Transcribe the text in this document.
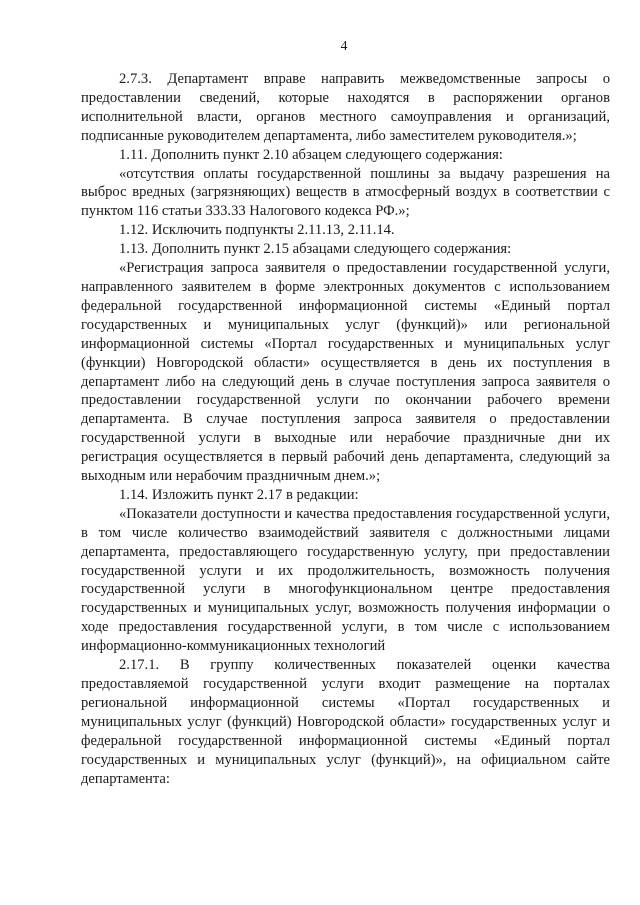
4

2.7.3. Департамент вправе направить межведомственные запросы о предоставлении сведений, которые находятся в распоряжении органов исполнительной власти, органов местного самоуправления и организаций, подписанные руководителем департамента, либо заместителем руководителя.»;

1.11. Дополнить пункт 2.10 абзацем следующего содержания:

«отсутствия оплаты государственной пошлины за выдачу разрешения на выброс вредных (загрязняющих) веществ в атмосферный воздух в соответствии с пунктом 116 статьи 333.33 Налогового кодекса РФ.»;

1.12. Исключить подпункты 2.11.13, 2.11.14.

1.13. Дополнить пункт 2.15 абзацами следующего содержания:

«Регистрация запроса заявителя о предоставлении государственной услуги, направленного заявителем в форме электронных документов с использованием федеральной государственной информационной системы «Единый портал государственных и муниципальных услуг (функций)» или региональной информационной системы «Портал государственных и муниципальных услуг (функции) Новгородской области» осуществляется в день их поступления в департамент либо на следующий день в случае поступления запроса заявителя о предоставлении государственной услуги по окончании рабочего времени департамента. В случае поступления запроса заявителя о предоставлении государственной услуги в выходные или нерабочие праздничные дни их регистрация осуществляется в первый рабочий день департамента, следующий за выходным или нерабочим праздничным днем.»;

1.14. Изложить пункт 2.17 в редакции:

«Показатели доступности и качества предоставления государственной услуги, в том числе количество взаимодействий заявителя с должностными лицами департамента, предоставляющего государственную услугу, при предоставлении государственной услуги и их продолжительность, возможность получения государственной услуги в многофункциональном центре предоставления государственных и муниципальных услуг, возможность получения информации о ходе предоставления государственной услуги, в том числе с использованием информационно-коммуникационных технологий

2.17.1. В группу количественных показателей оценки качества предоставляемой государственной услуги входит размещение на порталах региональной информационной системы «Портал государственных и муниципальных услуг (функций) Новгородской области» государственных услуг и федеральной государственной информационной системы «Единый портал государственных и муниципальных услуг (функций)», на официальном сайте департамента:
